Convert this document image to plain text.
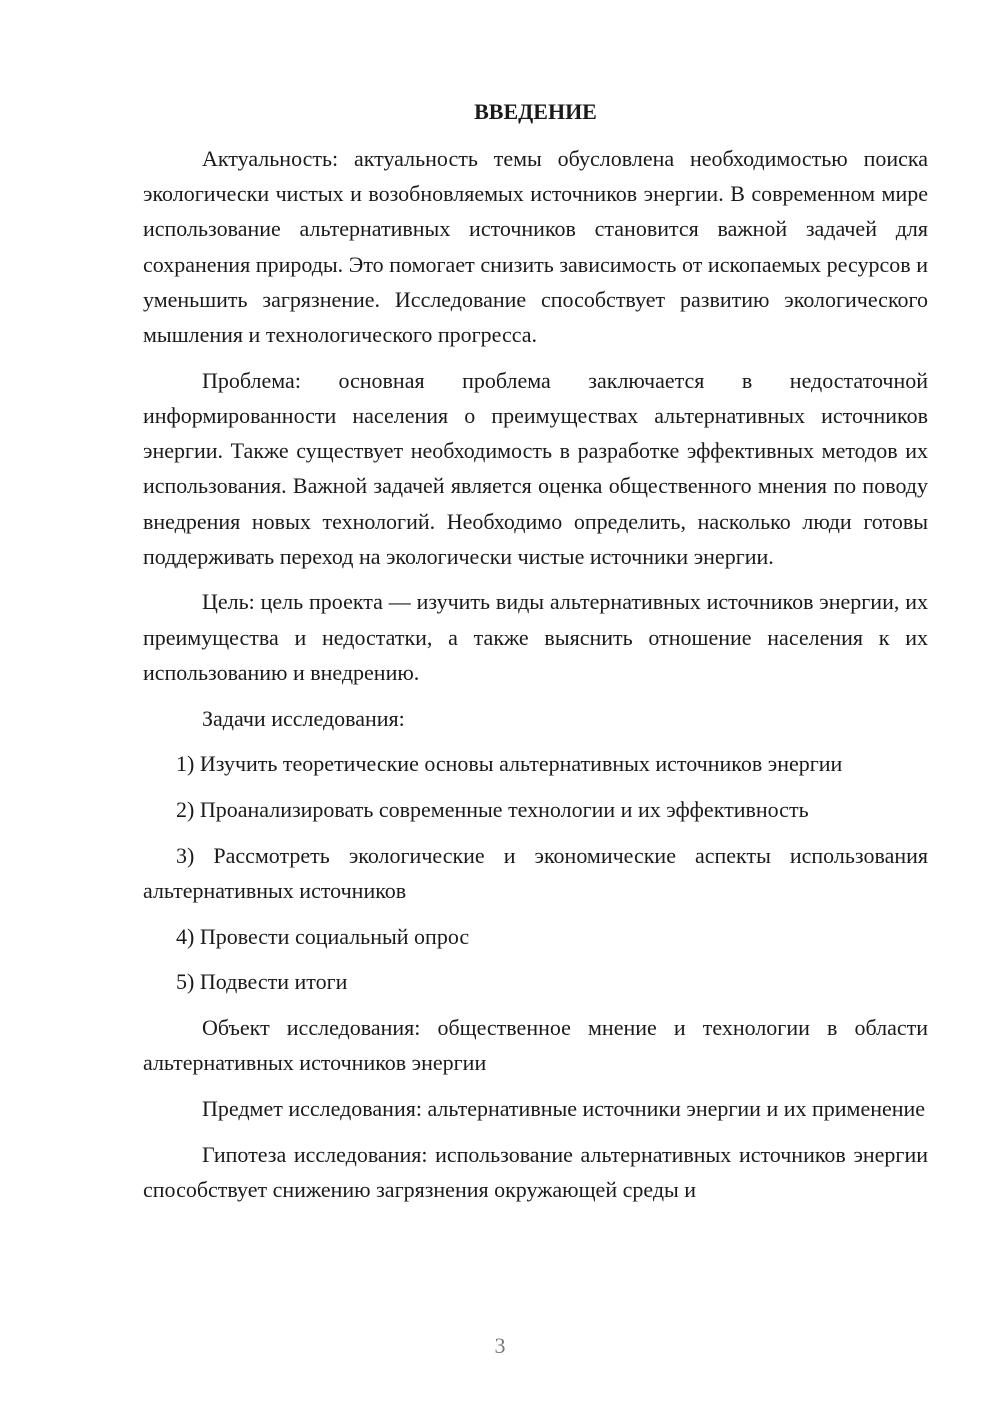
ВВЕДЕНИЕ

Актуальность: актуальность темы обусловлена необходимостью поиска экологически чистых и возобновляемых источников энергии. В современном мире использование альтернативных источников становится важной задачей для сохранения природы. Это помогает снизить зависимость от ископаемых ресурсов и уменьшить загрязнение. Исследование способствует развитию экологического мышления и технологического прогресса.

Проблема: основная проблема заключается в недостаточной информированности населения о преимуществах альтернативных источников энергии. Также существует необходимость в разработке эффективных методов их использования. Важной задачей является оценка общественного мнения по поводу внедрения новых технологий. Необходимо определить, насколько люди готовы поддерживать переход на экологически чистые источники энергии.

Цель: цель проекта — изучить виды альтернативных источников энергии, их преимущества и недостатки, а также выяснить отношение населения к их использованию и внедрению.

Задачи исследования:

1) Изучить теоретические основы альтернативных источников энергии

2) Проанализировать современные технологии и их эффективность

3) Рассмотреть экологические и экономические аспекты использования альтернативных источников

4) Провести социальный опрос

5) Подвести итоги

Объект исследования: общественное мнение и технологии в области альтернативных источников энергии

Предмет исследования: альтернативные источники энергии и их применение

Гипотеза исследования: использование альтернативных источников энергии способствует снижению загрязнения окружающей среды и

3
